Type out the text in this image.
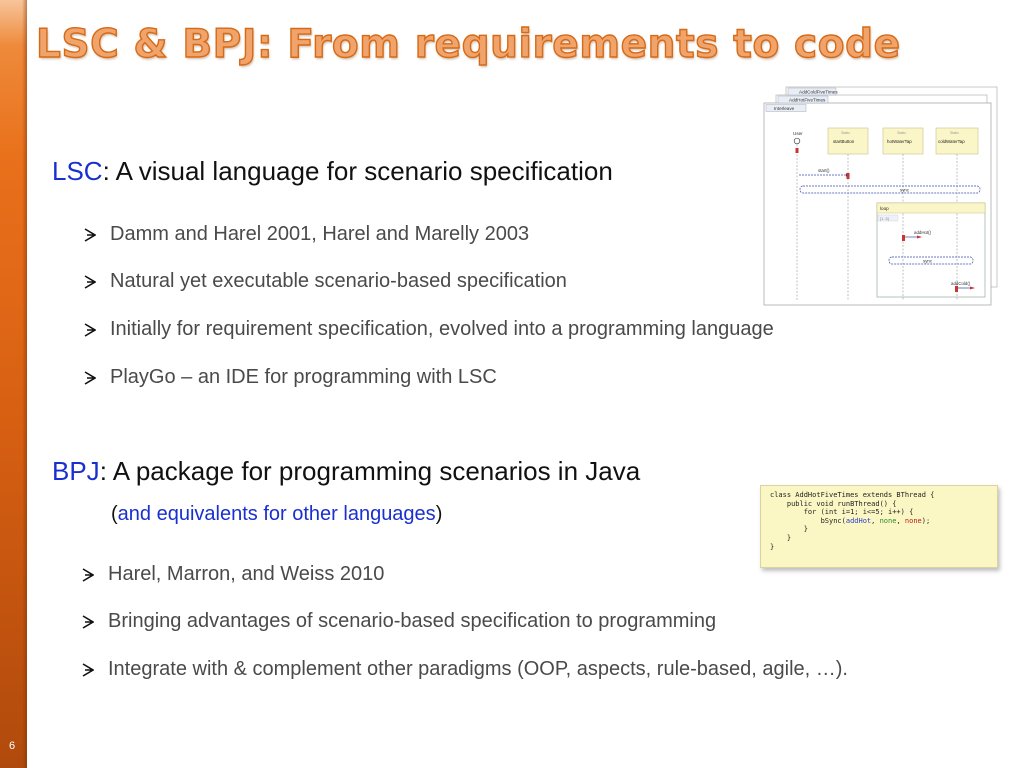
6
LSC & BPJ: From requirements to code
LSC: A visual language for scenario specification
Damm and Harel 2001, Harel and Marelly 2003
Natural yet executable scenario-based specification
Initially for requirement specification, evolved into a programming language
PlayGo – an IDE for programming with LSC
BPJ: A package for programming scenarios in Java
(and equivalents for other languages)
Harel, Marron, and Weiss 2010
Bringing advantages of scenario-based specification to programming
Integrate with & complement other paradigms (OOP, aspects, rule-based, agile, …).
AddColdFiveTimes
AddHotFiveTimes
Interleave
User	Static
startButton
Static
hotWaterTap
Static
coldWaterTap
start()
sync
loop
[1..5]
addHot()
sync
addCold()
class AddHotFiveTimes extends BThread {
public void runBThread() {
for (int i=1; i<=5; i++) {
bSync(addHot, none, none);
}
}
}
